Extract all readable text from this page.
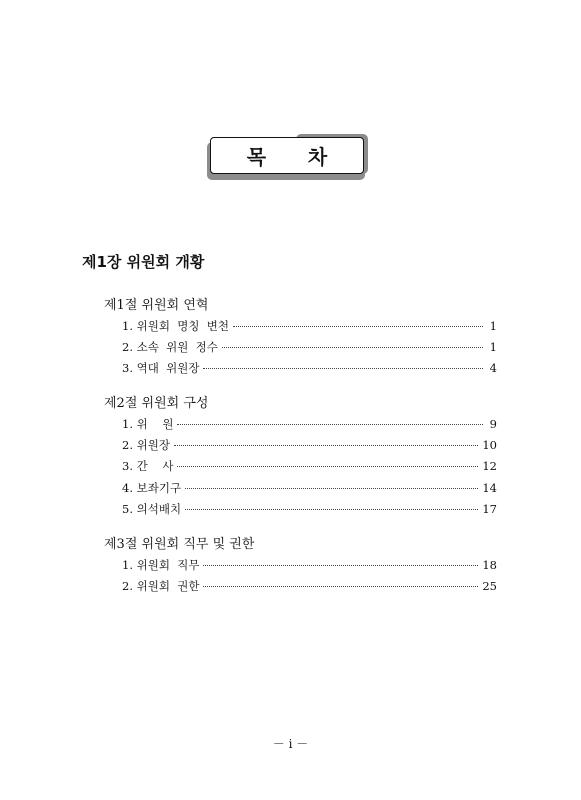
목      차
제1장 위원회 개황
제1절 위원회 연혁
1. 위원회  명칭  변천	1
2. 소속  위원  정수	1
3. 역대  위원장	4
제2절 위원회 구성
1. 위    원	9
2. 위원장	10
3. 간    사	12
4. 보좌기구	14
5. 의석배치	17
제3절 위원회 직무 및 권한
1. 위원회  직무	18
2. 위원회  권한	25
－ i －
